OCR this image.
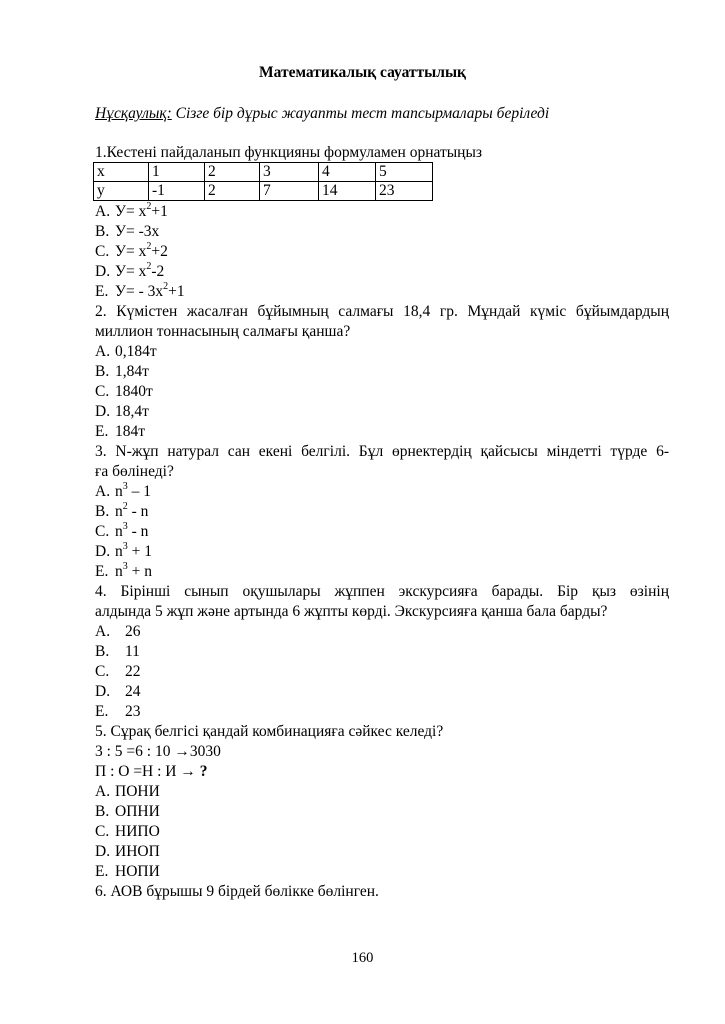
Математикалық сауаттылық
Нұсқаулық: Сізге бір дұрыс жауапты тест тапсырмалары беріледі
1.Кестені пайдаланып функцияны формуламен орнатыңыз
x	1	2	3	4	5
y	-1	2	7	14	23
A. $У= x^2+1$
B. У= -3x
C. $У= x^2+2$
D. $У= x^2-2$
E. $У= - 3x^2+1$
2. Күмістен жасалған бұйымның салмағы 18,4 гр. Мұндай күміс бұйымдардың
миллион тоннасының салмағы қанша?
A. 0,184т
B. 1,84т
C. 1840т
D. 18,4т
E. 184т
3. N-жұп натурал сан екені белгілі. Бұл өрнектердің қайсысы міндетті түрде 6-
ға бөлінеді?
A. $n^3 - 1$
B. $n^2$ - n
C. $n^3$ - n
D. $n^3 + 1$
E. $n^3 + n$
4. Бірінші сынып оқушылары жұппен экскурсияға барады. Бір қыз өзінің
алдында 5 жұп және артында 6 жұпты көрді. Экскурсияға қанша бала барды?
A. 26
B. 11
C. 22
D. 24
E. 23
5. Сұрақ белгісі қандай комбинацияға сәйкес келеді?
3 : 5 =6 : 10 →3030
П : О =Н : И → ?
A. ПОНИ
B. ОПНИ
C. НИПО
D. ИНОП
E. НОПИ
6. АОВ бұрышы 9 бірдей бөлікке бөлінген.
160
